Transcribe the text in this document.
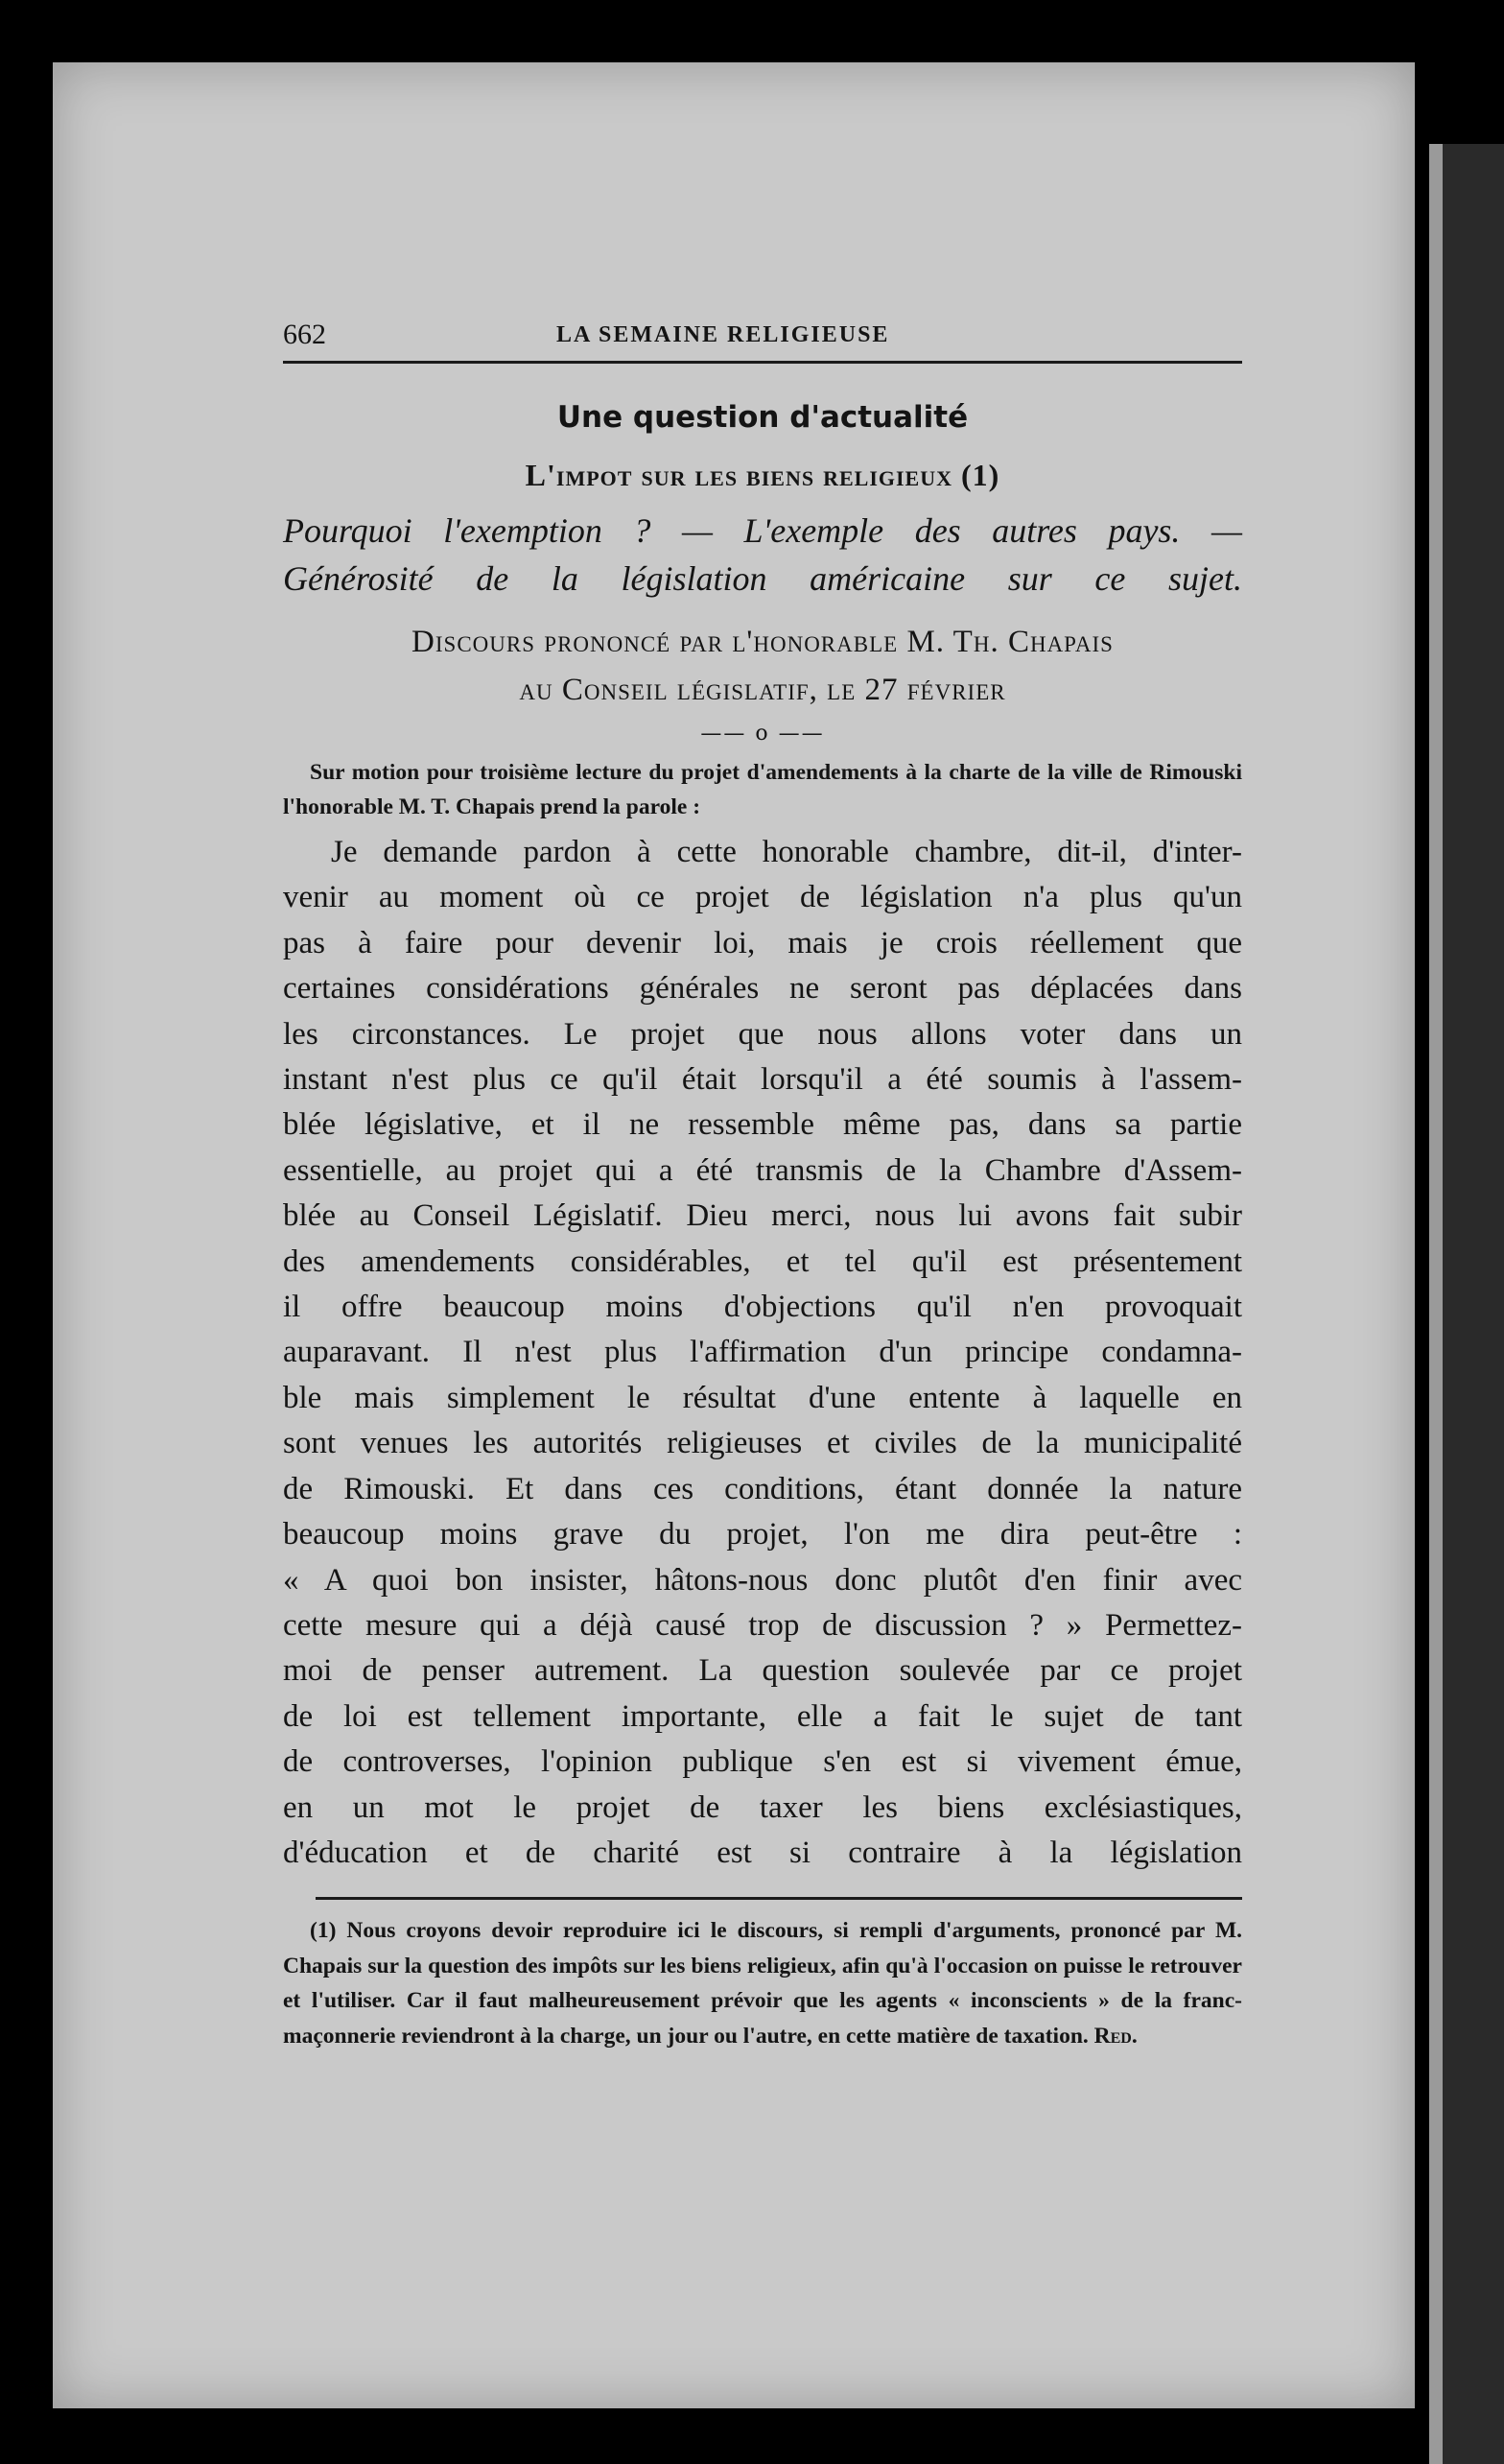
662	LA SEMAINE RELIGIEUSE
Une question d'actualité
L'impot sur les biens religieux (1)
Pourquoi l'exemption ? — L'exemple des autres pays. —
Générosité de la législation américaine sur ce sujet.
Discours prononcé par l'honorable M. Th. Chapais
au Conseil législatif, le 27 février
—— o ——
Sur motion pour troisième lecture du projet d'amendements à la charte de la ville de Rimouski l'honorable M. T. Chapais prend la parole :
Je demande pardon à cette honorable chambre, dit-il, d'inter-
venir au moment où ce projet de législation n'a plus qu'un
pas à faire pour devenir loi, mais je crois réellement que
certaines considérations générales ne seront pas déplacées dans
les circonstances. Le projet que nous allons voter dans un
instant n'est plus ce qu'il était lorsqu'il a été soumis à l'assem-
blée législative, et il ne ressemble même pas, dans sa partie
essentielle, au projet qui a été transmis de la Chambre d'Assem-
blée au Conseil Législatif. Dieu merci, nous lui avons fait subir
des amendements considérables, et tel qu'il est présentement
il offre beaucoup moins d'objections qu'il n'en provoquait
auparavant. Il n'est plus l'affirmation d'un principe condamna-
ble mais simplement le résultat d'une entente à laquelle en
sont venues les autorités religieuses et civiles de la municipalité
de Rimouski. Et dans ces conditions, étant donnée la nature
beaucoup moins grave du projet, l'on me dira peut-être :
« A quoi bon insister, hâtons-nous donc plutôt d'en finir avec
cette mesure qui a déjà causé trop de discussion ? » Permettez-
moi de penser autrement. La question soulevée par ce projet
de loi est tellement importante, elle a fait le sujet de tant
de controverses, l'opinion publique s'en est si vivement émue,
en un mot le projet de taxer les biens exclésiastiques,
d'éducation et de charité est si contraire à la législation
(1) Nous croyons devoir reproduire ici le discours, si rempli d'arguments, prononcé par M. Chapais sur la question des impôts sur les biens religieux, afin qu'à l'occasion on puisse le retrouver et l'utiliser. Car il faut malheureusement prévoir que les agents « inconscients » de la franc-maçonnerie reviendront à la charge, un jour ou l'autre, en cette matière de taxation. Red.
